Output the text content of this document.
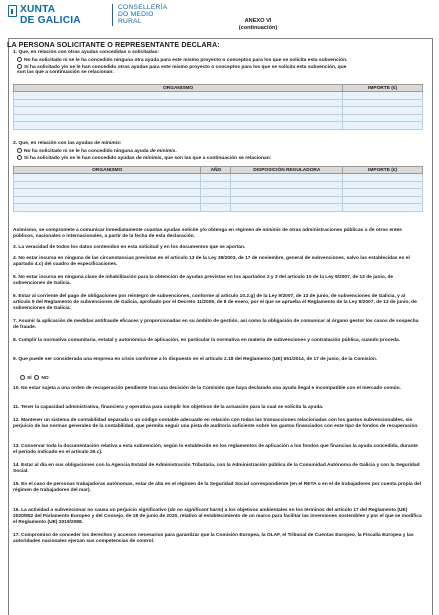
XUNTA
DE GALICIA
CONSELLERÍA
DO MEDIO
RURAL	ANEXO VI
(continuación)
LA PERSONA SOLICITANTE O REPRESENTANTE DECLARA:
1. Que, en relación con otras ayudas concedidas o solicitadas:
No ha solicitado ni se le ha concedido ninguna otra ayuda para este mismo proyecto o conceptos para los que se solicita esta subvención.
Sí ha solicitado y/o se le han concedido otras ayudas para este mismo proyecto o conceptos para los que se solicita esta subvención, que
son las que a continuación se relacionan:
ORGANISMO	IMPORTE (€)

2. Que, en relación con las ayudas de minimis:
No ha solicitado ni se le ha concedido ninguna ayuda de minimis.
Sí ha solicitado y/o se le han concedido ayudas de minimis, que son las que a continuación se relacionan:
ORGANISMO	AÑO	DISPOSICIÓN REGULADORA	IMPORTE (€)

Asimismo, se compromete a comunicar inmediatamente cuantas ayudas solicite y/o obtenga en régimen de minimis de otras administraciones públicas o de otros entes públicos, nacionales o internacionales, a partir de la fecha de esta declaración.
3. La veracidad de todos los datos contenidos en esta solicitud y en los documentos que se aportan.
4. No estar incursa en ninguna de las circunstancias previstas en el artículo 13 de la Ley 38/2003, de 17 de noviembre, general de subvenciones, salvo las establecidas en el apartado 4.c) del cuadro de especificaciones.
5. No estar incursa en ninguna clase de inhabilitación para la obtención de ayudas previstas en los apartados 2 y 3 del artículo 10 de la Ley 9/2007, de 13 de junio, de subvenciones de Galicia.
6. Estar al corriente del pago de obligaciones por reintegro de subvenciones, conforme al artículo 10.2.g) de la Ley 9/2007, de 13 de junio, de subvenciones de Galicia, y al artículo 9 del Reglamento de subvenciones de Galicia, aprobado por el Decreto 11/2009, de 8 de enero, por el que se aprueba el Reglamento de la Ley 9/2007, de 13 de junio, de subvenciones de Galicia.
7. Asumir la aplicación de medidas antifraude eficaces y proporcionadas en su ámbito de gestión, así como la obligación de comunicar al órgano gestor los casos de sospecha de fraude.
8. Cumplir la normativa comunitaria, estatal y autonómica de aplicación, en particular la normativa en materia de subvenciones y contratación pública, cuando proceda.
9. Que puede ser considerada una empresa en crisis conforme a lo dispuesto en el artículo 2.18 del Reglamento (UE) 651/2014, de 17 de junio, de la Comisión.
SÍ NO
10. No estar sujeta a una orden de recuperación pendiente tras una decisión de la Comisión que haya declarado una ayuda ilegal e incompatible con el mercado común.
11. Tener la capacidad administrativa, financiera y operativa para cumplir los objetivos de la actuación para la cual se solicita la ayuda.
12. Mantener un sistema de contabilidad separada o un código contable adecuado en relación con todas las transacciones relacionadas con los gastos subvencionables, sin perjuicio de las normas generales de la contabilidad, que permita seguir una pista de auditoría suficiente sobre los gastos financiados con este tipo de fondos de recuperación.
13. Conservar toda la documentación relativa a esta subvención, según lo establecido en los reglamentos de aplicación a los fondos que financian la ayuda concedida, durante el periodo indicado en el artículo 26.c).
14. Estar al día en sus obligaciones con la Agencia Estatal de Administración Tributaria, con la Administración pública de la Comunidad Autónoma de Galicia y con la Seguridad Social.
15. En el caso de personas trabajadoras autónomas, estar de alta en el régimen de la Seguridad Social correspondiente (en el RETA o en el de trabajadores por cuenta propia del régimen de trabajadores del mar).
16. La actividad a subvencionar no causa un perjuicio significativo (do no significant harm) a los objetivos ambientales en los términos del artículo 17 del Reglamento (UE) 2020/852 del Parlamento Europeo y del Consejo, de 18 de junio de 2020, relativo al establecimiento de un marco para facilitar las inversiones sostenibles y por el que se modifica el Reglamento (UE) 2019/2088.
17. Compromiso de conceder los derechos y accesos necesarios para garantizar que la Comisión Europea, la OLAF, el Tribunal de Cuentas Europeo, la Fiscalía Europea y las autoridades nacionales ejerzan sus competencias de control.
